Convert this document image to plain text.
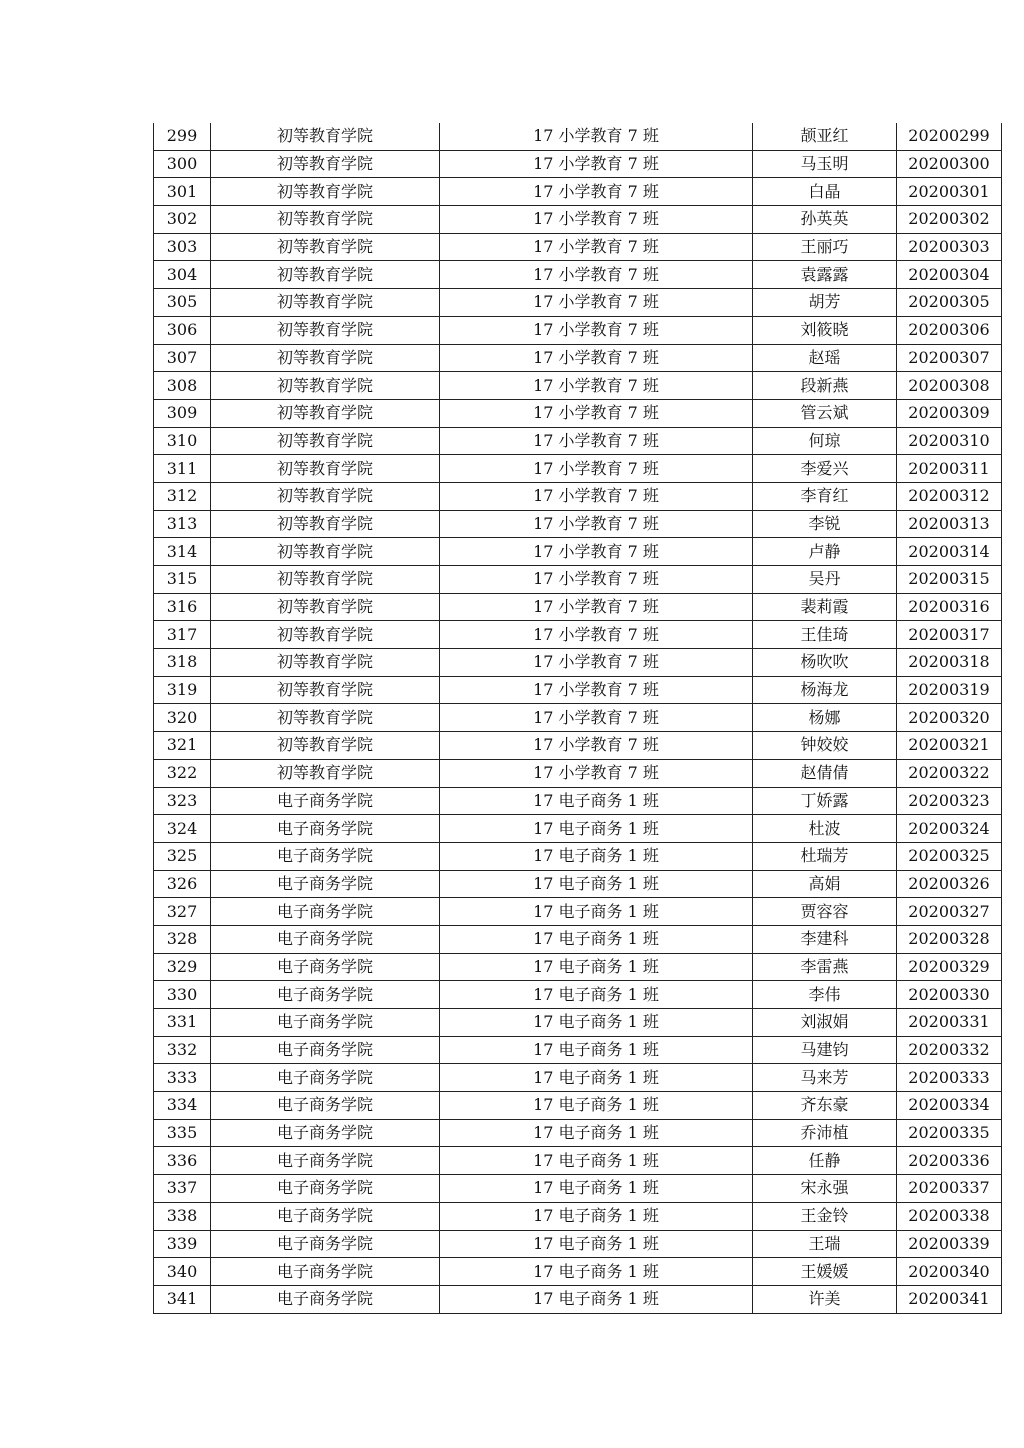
299	初等教育学院	17 小学教育 7 班	颉亚红	20200299
300	初等教育学院	17 小学教育 7 班	马玉明	20200300
301	初等教育学院	17 小学教育 7 班	白晶	20200301
302	初等教育学院	17 小学教育 7 班	孙英英	20200302
303	初等教育学院	17 小学教育 7 班	王丽巧	20200303
304	初等教育学院	17 小学教育 7 班	袁露露	20200304
305	初等教育学院	17 小学教育 7 班	胡芳	20200305
306	初等教育学院	17 小学教育 7 班	刘筱晓	20200306
307	初等教育学院	17 小学教育 7 班	赵瑶	20200307
308	初等教育学院	17 小学教育 7 班	段新燕	20200308
309	初等教育学院	17 小学教育 7 班	管云斌	20200309
310	初等教育学院	17 小学教育 7 班	何琼	20200310
311	初等教育学院	17 小学教育 7 班	李爱兴	20200311
312	初等教育学院	17 小学教育 7 班	李育红	20200312
313	初等教育学院	17 小学教育 7 班	李锐	20200313
314	初等教育学院	17 小学教育 7 班	卢静	20200314
315	初等教育学院	17 小学教育 7 班	吴丹	20200315
316	初等教育学院	17 小学教育 7 班	裴莉霞	20200316
317	初等教育学院	17 小学教育 7 班	王佳琦	20200317
318	初等教育学院	17 小学教育 7 班	杨吹吹	20200318
319	初等教育学院	17 小学教育 7 班	杨海龙	20200319
320	初等教育学院	17 小学教育 7 班	杨娜	20200320
321	初等教育学院	17 小学教育 7 班	钟姣姣	20200321
322	初等教育学院	17 小学教育 7 班	赵倩倩	20200322
323	电子商务学院	17 电子商务 1 班	丁娇露	20200323
324	电子商务学院	17 电子商务 1 班	杜波	20200324
325	电子商务学院	17 电子商务 1 班	杜瑞芳	20200325
326	电子商务学院	17 电子商务 1 班	高娟	20200326
327	电子商务学院	17 电子商务 1 班	贾容容	20200327
328	电子商务学院	17 电子商务 1 班	李建科	20200328
329	电子商务学院	17 电子商务 1 班	李雷燕	20200329
330	电子商务学院	17 电子商务 1 班	李伟	20200330
331	电子商务学院	17 电子商务 1 班	刘淑娟	20200331
332	电子商务学院	17 电子商务 1 班	马建钧	20200332
333	电子商务学院	17 电子商务 1 班	马来芳	20200333
334	电子商务学院	17 电子商务 1 班	齐东豪	20200334
335	电子商务学院	17 电子商务 1 班	乔沛植	20200335
336	电子商务学院	17 电子商务 1 班	任静	20200336
337	电子商务学院	17 电子商务 1 班	宋永强	20200337
338	电子商务学院	17 电子商务 1 班	王金铃	20200338
339	电子商务学院	17 电子商务 1 班	王瑞	20200339
340	电子商务学院	17 电子商务 1 班	王媛媛	20200340
341	电子商务学院	17 电子商务 1 班	许美	20200341
